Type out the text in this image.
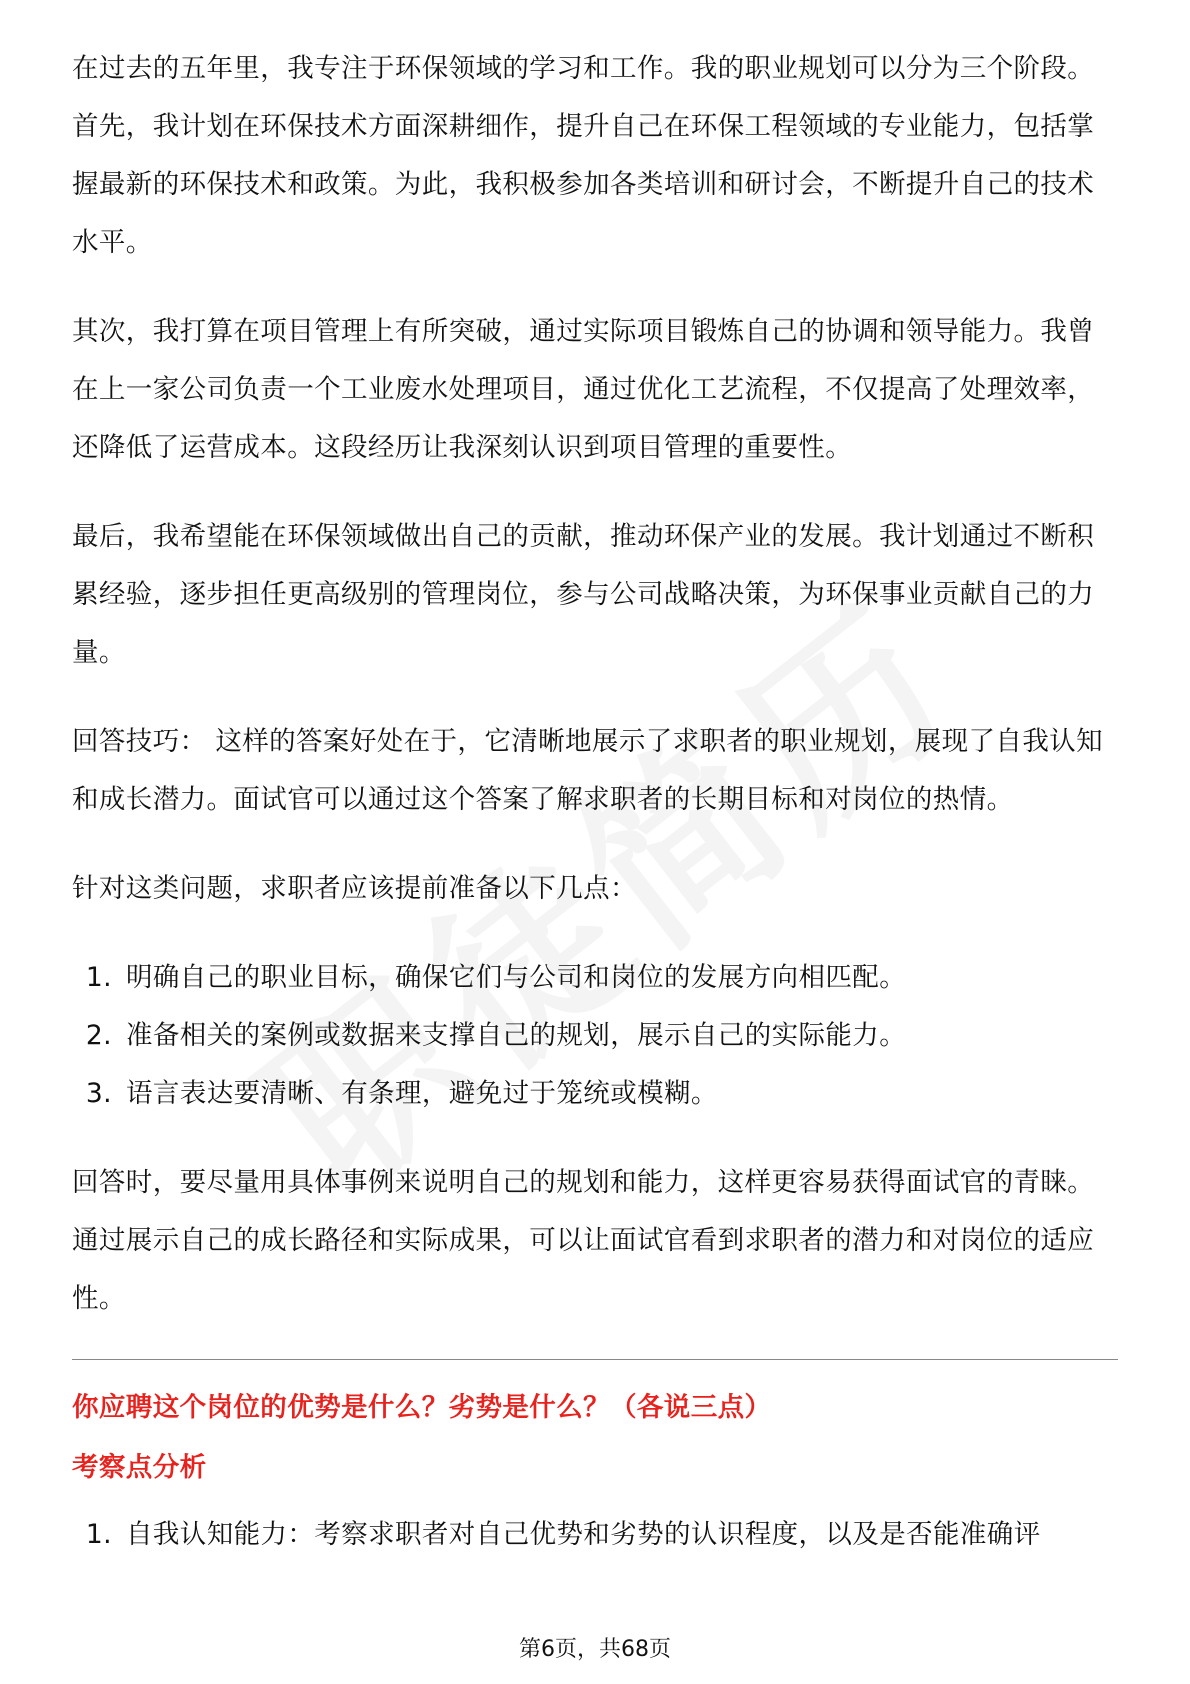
在过去的五年里，我专注于环保领域的学习和工作。我的职业规划可以分为三个阶段。首先，我计划在环保技术方面深耕细作，提升自己在环保工程领域的专业能力，包括掌握最新的环保技术和政策。为此，我积极参加各类培训和研讨会，不断提升自己的技术水平。

其次，我打算在项目管理上有所突破，通过实际项目锻炼自己的协调和领导能力。我曾在上一家公司负责一个工业废水处理项目，通过优化工艺流程，不仅提高了处理效率，还降低了运营成本。这段经历让我深刻认识到项目管理的重要性。

最后，我希望能在环保领域做出自己的贡献，推动环保产业的发展。我计划通过不断积累经验，逐步担任更高级别的管理岗位，参与公司战略决策，为环保事业贡献自己的力量。

回答技巧： 这样的答案好处在于，它清晰地展示了求职者的职业规划，展现了自我认知和成长潜力。面试官可以通过这个答案了解求职者的长期目标和对岗位的热情。

针对这类问题，求职者应该提前准备以下几点：

1. 明确自己的职业目标，确保它们与公司和岗位的发展方向相匹配。
2. 准备相关的案例或数据来支撑自己的规划，展示自己的实际能力。
3. 语言表达要清晰、有条理，避免过于笼统或模糊。

回答时，要尽量用具体事例来说明自己的规划和能力，这样更容易获得面试官的青睐。通过展示自己的成长路径和实际成果，可以让面试官看到求职者的潜力和对岗位的适应性。

你应聘这个岗位的优势是什么？劣势是什么？（各说三点）
考察点分析
1. 自我认知能力：考察求职者对自己优势和劣势的认识程度，以及是否能准确评
第6页，共68页
